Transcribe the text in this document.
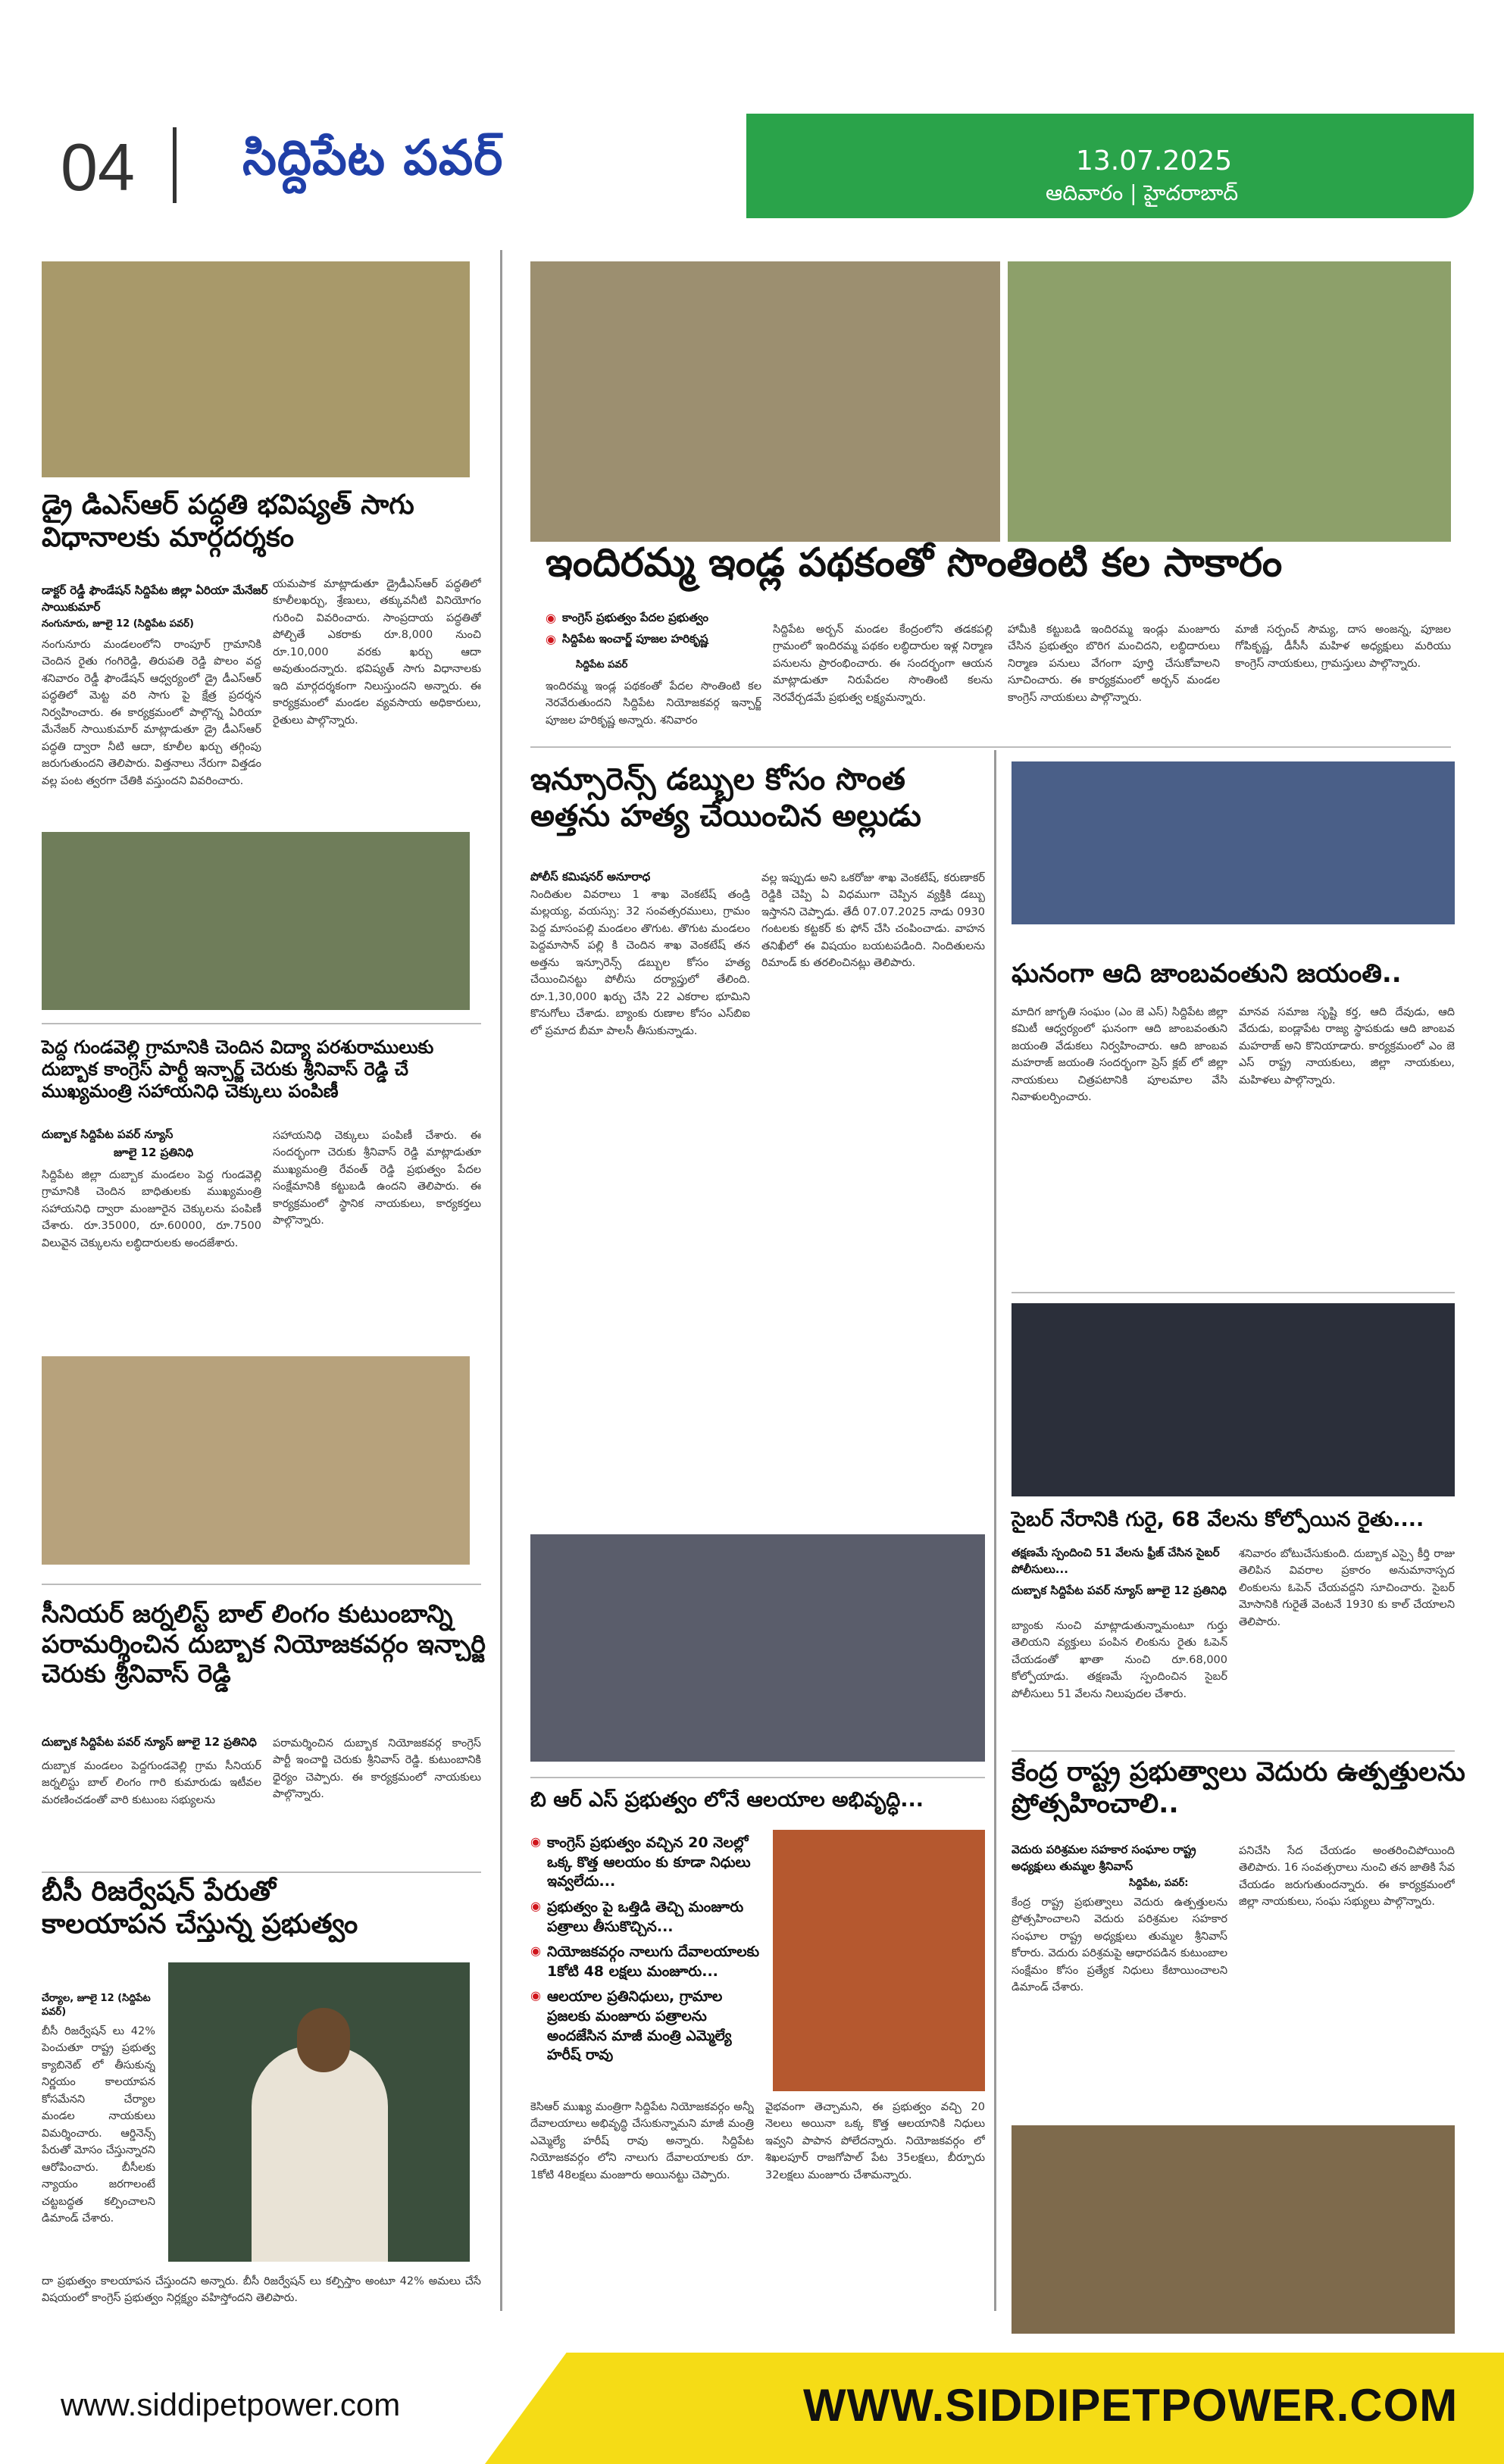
04 సిద్దిపేట పవర్	13.07.2025
ఆదివారం | హైదరాబాద్
డ్రై డిఎస్ఆర్ పద్ధతి భవిష్యత్ సాగు విధానాలకు మార్గదర్శకం
డాక్టర్ రెడ్డీ ఫౌండేషన్ సిద్దిపేట జిల్లా ఏరియా మేనేజర్ సాయికుమార్
నంగునూరు, జూలై 12 (సిద్దిపేట పవర్)
నంగునూరు మండలంలోని రాంపూర్ గ్రామానికి చెందిన రైతు గంగిరెడ్డి, తిరుపతి రెడ్డి పొలం వద్ద శనివారం రెడ్డీ ఫౌండేషన్ ఆధ్వర్యంలో డ్రై డీఎస్ఆర్ పద్ధతిలో మెట్ట వరి సాగు పై క్షేత్ర ప్రదర్శన నిర్వహించారు. ఈ కార్యక్రమంలో పాల్గొన్న ఏరియా మేనేజర్ సాయికుమార్ మాట్లాడుతూ డ్రై డీఎస్ఆర్ పద్ధతి ద్వారా నీటి ఆదా, కూలీల ఖర్చు తగ్గింపు జరుగుతుందని తెలిపారు. విత్తనాలు నేరుగా విత్తడం వల్ల పంట త్వరగా చేతికి వస్తుందని వివరించారు.
యమపాక మాట్లాడుతూ డ్రైడీఎస్ఆర్ పద్ధతిలో కూలీలఖర్చు, శ్రేణులు, తక్కువనీటి వినియోగం గురించి వివరించారు. సాంప్రదాయ పద్ధతితో పోల్చితే ఎకరాకు రూ.8,000 నుంచి రూ.10,000 వరకు ఖర్చు ఆదా అవుతుందన్నారు. భవిష్యత్ సాగు విధానాలకు ఇది మార్గదర్శకంగా నిలుస్తుందని అన్నారు. ఈ కార్యక్రమంలో మండల వ్యవసాయ అధికారులు, రైతులు పాల్గొన్నారు.
పెద్ద గుండవెల్లి గ్రామానికి చెందిన విద్యా పరశురాములుకు దుబ్బాక కాంగ్రెస్ పార్టీ ఇన్చార్జ్ చెరుకు శ్రీనివాస్ రెడ్డి చే ముఖ్యమంత్రి సహాయనిధి చెక్కులు పంపిణీ
దుబ్బాక సిద్దిపేట పవర్ న్యూస్
జూలై 12 ప్రతినిధి
సిద్దిపేట జిల్లా దుబ్బాక మండలం పెద్ద గుండవెల్లి గ్రామానికి చెందిన బాధితులకు ముఖ్యమంత్రి సహాయనిధి ద్వారా మంజూరైన చెక్కులను పంపిణీ చేశారు. రూ.35000, రూ.60000, రూ.7500 విలువైన చెక్కులను లబ్ధిదారులకు అందజేశారు.
సహాయనిధి చెక్కులు పంపిణీ చేశారు. ఈ సందర్భంగా చెరుకు శ్రీనివాస్ రెడ్డి మాట్లాడుతూ ముఖ్యమంత్రి రేవంత్ రెడ్డి ప్రభుత్వం పేదల సంక్షేమానికి కట్టుబడి ఉందని తెలిపారు. ఈ కార్యక్రమంలో స్థానిక నాయకులు, కార్యకర్తలు పాల్గొన్నారు.
సీనియర్ జర్నలిస్ట్ బాల్ లింగం కుటుంబాన్ని పరామర్శించిన దుబ్బాక నియోజకవర్గం ఇన్చార్జి చెరుకు శ్రీనివాస్ రెడ్డి
దుబ్బాక సిద్దిపేట పవర్ న్యూస్ జూలై 12 ప్రతినిధి
దుబ్బాక మండలం పెద్దగుండవెల్లి గ్రామ సీనియర్ జర్నలిస్టు బాల్ లింగం గారి కుమారుడు ఇటీవల మరణించడంతో వారి కుటుంబ సభ్యులను
పరామర్శించిన దుబ్బాక నియోజకవర్గ కాంగ్రెస్ పార్టీ ఇంచార్జి చెరుకు శ్రీనివాస్ రెడ్డి. కుటుంబానికి ధైర్యం చెప్పారు. ఈ కార్యక్రమంలో నాయకులు పాల్గొన్నారు.
బీసీ రిజర్వేషన్ పేరుతో కాలయాపన చేస్తున్న ప్రభుత్వం
చేర్యాల, జూలై 12 (సిద్దిపేట పవర్)
బీసీ రిజర్వేషన్ లు 42% పెంచుతూ రాష్ట్ర ప్రభుత్వ క్యాబినెట్ లో తీసుకున్న నిర్ణయం కాలయాపన కోసమేనని చేర్యాల మండల నాయకులు విమర్శించారు. ఆర్డినెన్స్ పేరుతో మోసం చేస్తున్నారని ఆరోపించారు. బీసీలకు న్యాయం జరగాలంటే చట్టబద్ధత కల్పించాలని డిమాండ్ చేశారు.
దా ప్రభుత్వం కాలయాపన చేస్తుందని అన్నారు. బీసీ రిజర్వేషన్ లు కల్పిస్తాం అంటూ 42% అమలు చేసే విషయంలో కాంగ్రెస్ ప్రభుత్వం నిర్లక్ష్యం వహిస్తోందని తెలిపారు.
ఇందిరమ్మ ఇండ్ల పథకంతో సొంతింటి కల సాకారం
◉ కాంగ్రెస్ ప్రభుత్వం పేదల ప్రభుత్వం
◉ సిద్దిపేట ఇంచార్జ్ పూజల హరికృష్ణ
సిద్దిపేట పవర్
ఇందిరమ్మ ఇండ్ల పథకంతో పేదల సొంతింటి కల నెరవేరుతుందని సిద్దిపేట నియోజకవర్గ ఇన్చార్జ్ పూజల హరికృష్ణ అన్నారు. శనివారం
సిద్దిపేట అర్బన్ మండల కేంద్రంలోని తడకపల్లి గ్రామంలో ఇందిరమ్మ పథకం లబ్ధిదారుల ఇళ్ల నిర్మాణ పనులను ప్రారంభించారు. ఈ సందర్భంగా ఆయన మాట్లాడుతూ నిరుపేదల సొంతింటి కలను నెరవేర్చడమే ప్రభుత్వ లక్ష్యమన్నారు.
హామీకి కట్టుబడి ఇందిరమ్మ ఇండ్లు మంజూరు చేసిన ప్రభుత్వం బొరిగ మంచిదని, లబ్ధిదారులు నిర్మాణ పనులు వేగంగా పూర్తి చేసుకోవాలని సూచించారు. ఈ కార్యక్రమంలో అర్బన్ మండల కాంగ్రెస్ నాయకులు పాల్గొన్నారు.
మాజీ సర్పంచ్ సౌమ్య, దాస అంజన్న, పూజల గోపికృష్ణ, డీసీసీ మహిళ అధ్యక్షులు మరియు కాంగ్రెస్ నాయకులు, గ్రామస్తులు పాల్గొన్నారు.
ఇన్సూరెన్స్ డబ్బుల కోసం సొంత అత్తను హత్య చేయించిన అల్లుడు
పోలీస్ కమిషనర్ అనూరాధ
నిందితుల వివరాలు 1 శాఖ వెంకటేష్ తండ్రి మల్లయ్య, వయస్సు: 32 సంవత్సరములు, గ్రామం పెద్ద మాసంపల్లి మండలం తొగుట. తొగుట మండలం పెద్దమాసాన్ పల్లి కి చెందిన శాఖ వెంకటేష్ తన అత్తను ఇన్సూరెన్స్ డబ్బుల కోసం హత్య చేయించినట్టు పోలీసు దర్యాప్తులో తేలింది. రూ.1,30,000 ఖర్చు చేసి 22 ఎకరాల భూమిని కొనుగోలు చేశాడు. బ్యాంకు రుణాల కోసం ఎస్‌బిఐ లో ప్రమాద బీమా పాలసీ తీసుకున్నాడు.
వల్ల ఇప్పుడు అని ఒకరోజు శాఖ వెంకటేష్, కరుణాకర్ రెడ్డికి చెప్పి ఏ విధముగా చెప్పిన వ్యక్తికి డబ్బు ఇస్తానని చెప్పాడు. తేదీ 07.07.2025 నాడు 0930 గంటలకు కట్టకర్ కు ఫోన్ చేసి చంపించాడు. వాహన తనిఖీలో ఈ విషయం బయటపడింది. నిందితులను రిమాండ్ కు తరలించినట్లు తెలిపారు.
బి ఆర్ ఎస్ ప్రభుత్వం లోనే ఆలయాల అభివృద్ధి...
◉ కాంగ్రెస్ ప్రభుత్వం వచ్చిన 20 నెలల్లో ఒక్క కొత్త ఆలయం కు కూడా నిధులు ఇవ్వలేదు...
◉ ప్రభుత్వం పై ఒత్తిడి తెచ్చి మంజూరు పత్రాలు తీసుకొచ్చిన...
◉ నియోజకవర్గం నాలుగు దేవాలయాలకు 1కోటి 48 లక్షలు మంజూరు...
◉ ఆలయాల ప్రతినిధులు, గ్రామాల ప్రజలకు మంజూరు పత్రాలను అందజేసిన మాజీ మంత్రి ఎమ్మెల్యే హరీష్ రావు
కెసిఆర్ ముఖ్య మంత్రిగా సిద్దిపేట నియోజకవర్గం అన్నీ దేవాలయాలు అభివృద్ధి చేసుకున్నామని మాజీ మంత్రి ఎమ్మెల్యే హరీష్ రావు అన్నారు. సిద్దిపేట నియోజకవర్గం లోని నాలుగు దేవాలయాలకు రూ. 1కోటి 48లక్షలు మంజూరు అయినట్టు చెప్పారు.
వైభవంగా తెచ్చామని, ఈ ప్రభుత్వం వచ్చి 20 నెలలు అయినా ఒక్క కొత్త ఆలయానికి నిధులు ఇవ్వని పాపాన పోలేదన్నారు. నియోజకవర్గం లో శిఖలపూర్ రాజగోపాల్ పేట 35లక్షలు, బీర్పూరు 32లక్షలు మంజూరు చేశామన్నారు.
ఘనంగా ఆది జాంబవంతుని జయంతి..
మాదిగ జాగృతి సంఘం (ఎం జె ఎస్) సిద్దిపేట జిల్లా కమిటీ ఆధ్వర్యంలో ఘనంగా ఆది జాంబవంతుని జయంతి వేడుకలు నిర్వహించారు. ఆది జాంబవ మహరాజ్ జయంతి సందర్భంగా ప్రెస్ క్లబ్ లో జిల్లా నాయకులు చిత్రపటానికి పూలమాల వేసి నివాళులర్పించారు.
మానవ సమాజ సృష్టి కర్త, ఆది దేవుడు, ఆది వేదుడు, ఐండ్లాపేట రాజ్య స్థాపకుడు ఆది జాంబవ మహరాజ్ అని కొనియాడారు. కార్యక్రమంలో ఎం జె ఎస్ రాష్ట్ర నాయకులు, జిల్లా నాయకులు, మహిళలు పాల్గొన్నారు.
సైబర్ నేరానికి గురై, 68 వేలను కోల్పోయిన రైతు....
తక్షణమే స్పందించి 51 వేలను ఫ్రీజ్ చేసిన సైబర్ పోలీసులు...
దుబ్బాక సిద్దిపేట పవర్ న్యూస్ జూలై 12 ప్రతినిధి
బ్యాంకు నుంచి మాట్లాడుతున్నామంటూ గుర్తు తెలియని వ్యక్తులు పంపిన లింకును రైతు ఓపెన్ చేయడంతో ఖాతా నుంచి రూ.68,000 కోల్పోయాడు. తక్షణమే స్పందించిన సైబర్ పోలీసులు 51 వేలను నిలుపుదల చేశారు.
శనివారం బోటుచేసుకుంది. దుబ్బాక ఎస్సై కీర్తి రాజు తెలిపిన వివరాల ప్రకారం అనుమానాస్పద లింకులను ఓపెన్ చేయవద్దని సూచించారు. సైబర్ మోసానికి గురైతే వెంటనే 1930 కు కాల్ చేయాలని తెలిపారు.
కేంద్ర రాష్ట్ర ప్రభుత్వాలు వెదురు ఉత్పత్తులను ప్రోత్సహించాలి..
వెదురు పరిశ్రమల సహకార సంఘాల రాష్ట్ర అధ్యక్షులు తుమ్మల శ్రీనివాస్
సిద్దిపేట, పవర్:
కేంద్ర రాష్ట్ర ప్రభుత్వాలు వెదురు ఉత్పత్తులను ప్రోత్సహించాలని వెదురు పరిశ్రమల సహకార సంఘాల రాష్ట్ర అధ్యక్షులు తుమ్మల శ్రీనివాస్ కోరారు. వెదురు పరిశ్రమపై ఆధారపడిన కుటుంబాల సంక్షేమం కోసం ప్రత్యేక నిధులు కేటాయించాలని డిమాండ్ చేశారు.
పనిచేసి సేద చేయడం అంతరించిపోయింది తెలిపారు. 16 సంవత్సరాలు నుంచి తన జాతికి సేవ చేయడం జరుగుతుందన్నారు. ఈ కార్యక్రమంలో జిల్లా నాయకులు, సంఘ సభ్యులు పాల్గొన్నారు.
www.siddipetpower.com	WWW.SIDDIPETPOWER.COM
